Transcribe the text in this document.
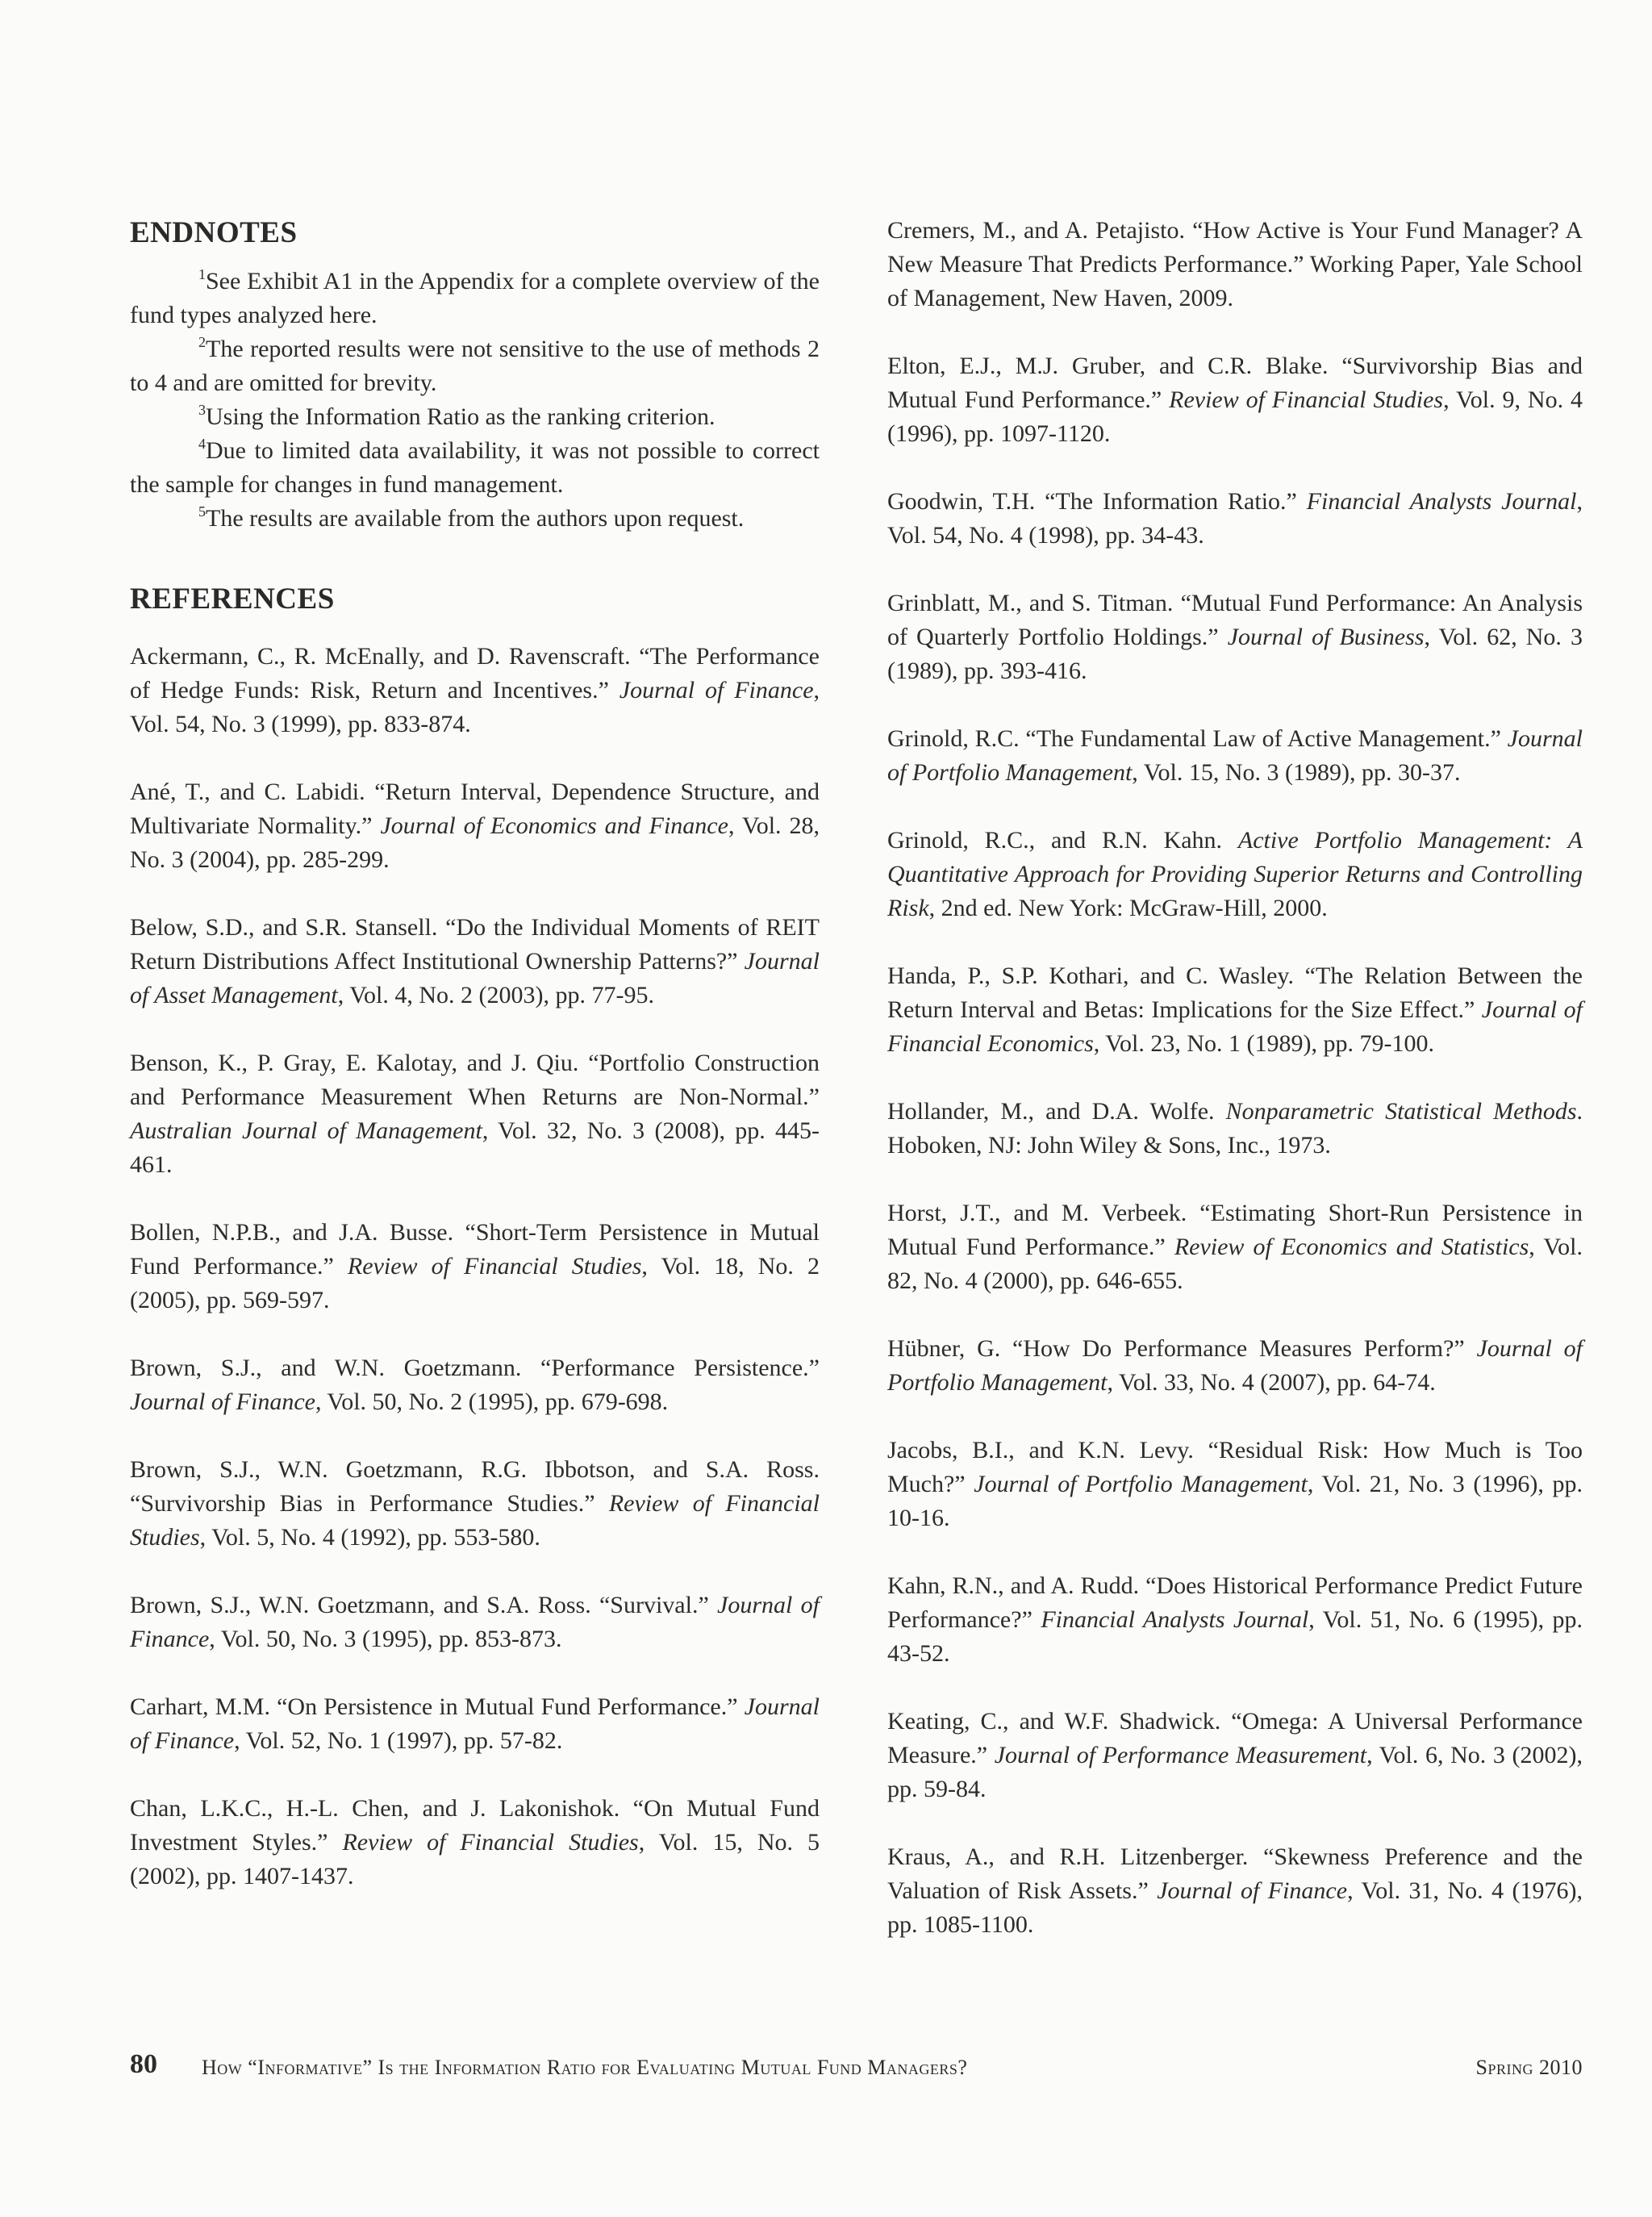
ENDNOTES

$^1$See Exhibit A1 in the Appendix for a complete overview of the fund types analyzed here.

$^2$The reported results were not sensitive to the use of methods 2 to 4 and are omitted for brevity.

$^3$Using the Information Ratio as the ranking criterion.

$^4$Due to limited data availability, it was not possible to correct the sample for changes in fund management.

$^5$The results are available from the authors upon request.

REFERENCES

Ackermann, C., R. McEnally, and D. Ravenscraft. “The Performance of Hedge Funds: Risk, Return and Incentives.” Journal of Finance, Vol. 54, No. 3 (1999), pp. 833-874.

Ané, T., and C. Labidi. “Return Interval, Dependence Structure, and Multivariate Normality.” Journal of Economics and Finance, Vol. 28, No. 3 (2004), pp. 285-299.

Below, S.D., and S.R. Stansell. “Do the Individual Moments of REIT Return Distributions Affect Institutional Ownership Patterns?” Journal of Asset Management, Vol. 4, No. 2 (2003), pp. 77-95.

Benson, K., P. Gray, E. Kalotay, and J. Qiu. “Portfolio Construction and Performance Measurement When Returns are Non-Normal.” Australian Journal of Management, Vol. 32, No. 3 (2008), pp. 445-461.

Bollen, N.P.B., and J.A. Busse. “Short-Term Persistence in Mutual Fund Performance.” Review of Financial Studies, Vol. 18, No. 2 (2005), pp. 569-597.

Brown, S.J., and W.N. Goetzmann. “Performance Persistence.” Journal of Finance, Vol. 50, No. 2 (1995), pp. 679-698.

Brown, S.J., W.N. Goetzmann, R.G. Ibbotson, and S.A. Ross. “Survivorship Bias in Performance Studies.” Review of Financial Studies, Vol. 5, No. 4 (1992), pp. 553-580.

Brown, S.J., W.N. Goetzmann, and S.A. Ross. “Survival.” Journal of Finance, Vol. 50, No. 3 (1995), pp. 853-873.

Carhart, M.M. “On Persistence in Mutual Fund Performance.” Journal of Finance, Vol. 52, No. 1 (1997), pp. 57-82.

Chan, L.K.C., H.-L. Chen, and J. Lakonishok. “On Mutual Fund Investment Styles.” Review of Financial Studies, Vol. 15, No. 5 (2002), pp. 1407-1437.

Cremers, M., and A. Petajisto. “How Active is Your Fund Manager? A New Measure That Predicts Performance.” Working Paper, Yale School of Management, New Haven, 2009.

Elton, E.J., M.J. Gruber, and C.R. Blake. “Survivorship Bias and Mutual Fund Performance.” Review of Financial Studies, Vol. 9, No. 4 (1996), pp. 1097-1120.

Goodwin, T.H. “The Information Ratio.” Financial Analysts Journal, Vol. 54, No. 4 (1998), pp. 34-43.

Grinblatt, M., and S. Titman. “Mutual Fund Performance: An Analysis of Quarterly Portfolio Holdings.” Journal of Business, Vol. 62, No. 3 (1989), pp. 393-416.

Grinold, R.C. “The Fundamental Law of Active Management.” Journal of Portfolio Management, Vol. 15, No. 3 (1989), pp. 30-37.

Grinold, R.C., and R.N. Kahn. Active Portfolio Management: A Quantitative Approach for Providing Superior Returns and Controlling Risk, 2nd ed. New York: McGraw-Hill, 2000.

Handa, P., S.P. Kothari, and C. Wasley. “The Relation Between the Return Interval and Betas: Implications for the Size Effect.” Journal of Financial Economics, Vol. 23, No. 1 (1989), pp. 79-100.

Hollander, M., and D.A. Wolfe. Nonparametric Statistical Methods. Hoboken, NJ: John Wiley & Sons, Inc., 1973.

Horst, J.T., and M. Verbeek. “Estimating Short-Run Persistence in Mutual Fund Performance.” Review of Economics and Statistics, Vol. 82, No. 4 (2000), pp. 646-655.

Hübner, G. “How Do Performance Measures Perform?” Journal of Portfolio Management, Vol. 33, No. 4 (2007), pp. 64-74.

Jacobs, B.I., and K.N. Levy. “Residual Risk: How Much is Too Much?” Journal of Portfolio Management, Vol. 21, No. 3 (1996), pp. 10-16.

Kahn, R.N., and A. Rudd. “Does Historical Performance Predict Future Performance?” Financial Analysts Journal, Vol. 51, No. 6 (1995), pp. 43-52.

Keating, C., and W.F. Shadwick. “Omega: A Universal Performance Measure.” Journal of Performance Measurement, Vol. 6, No. 3 (2002), pp. 59-84.

Kraus, A., and R.H. Litzenberger. “Skewness Preference and the Valuation of Risk Assets.” Journal of Finance, Vol. 31, No. 4 (1976), pp. 1085-1100.

80 How “Informative” Is the Information Ratio for Evaluating Mutual Fund Managers?	Spring 2010
